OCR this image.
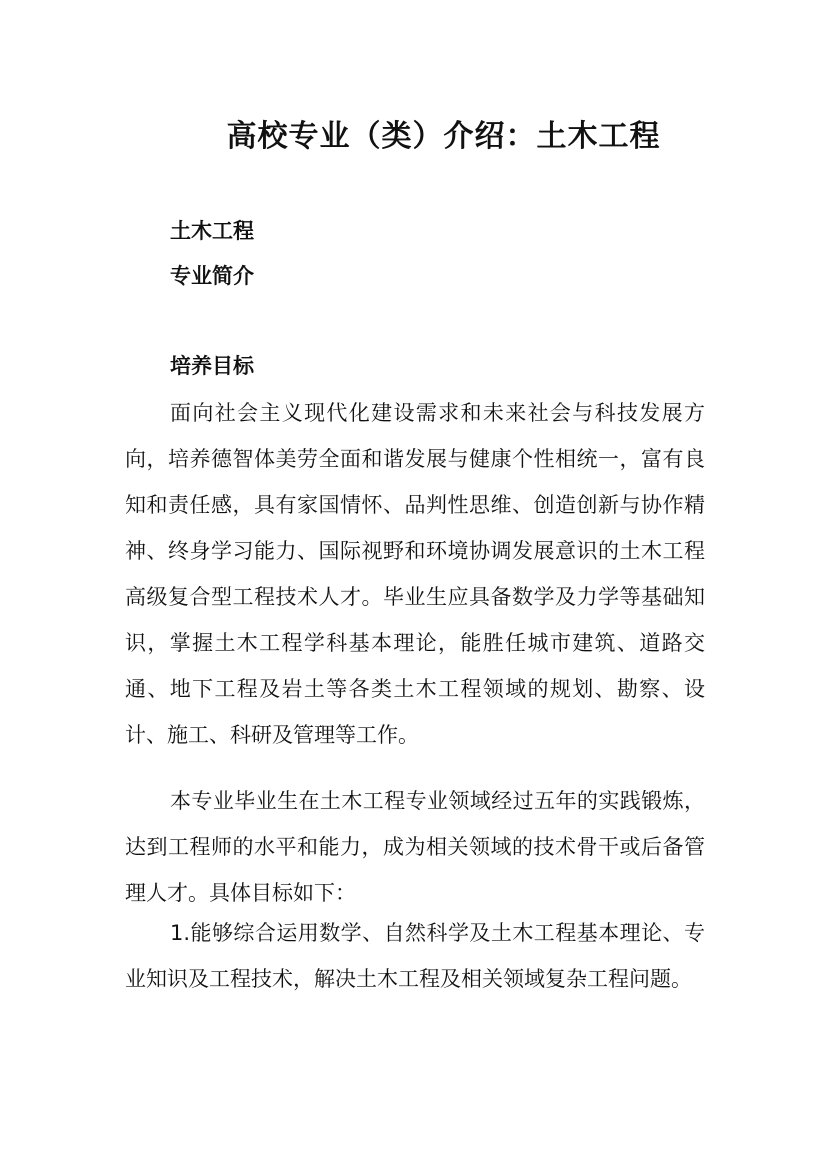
高校专业（类）介绍：土木工程
土木工程
专业简介
培养目标

面向社会主义现代化建设需求和未来社会与科技发展方向，培养德智体美劳全面和谐发展与健康个性相统一，富有良知和责任感，具有家国情怀、品判性思维、创造创新与协作精神、终身学习能力、国际视野和环境协调发展意识的土木工程高级复合型工程技术人才。毕业生应具备数学及力学等基础知识，掌握土木工程学科基本理论，能胜任城市建筑、道路交通、地下工程及岩土等各类土木工程领域的规划、勘察、设计、施工、科研及管理等工作。

本专业毕业生在土木工程专业领域经过五年的实践锻炼，达到工程师的水平和能力，成为相关领域的技术骨干或后备管理人才。具体目标如下：

1.能够综合运用数学、自然科学及土木工程基本理论、专业知识及工程技术，解决土木工程及相关领域复杂工程问题。
